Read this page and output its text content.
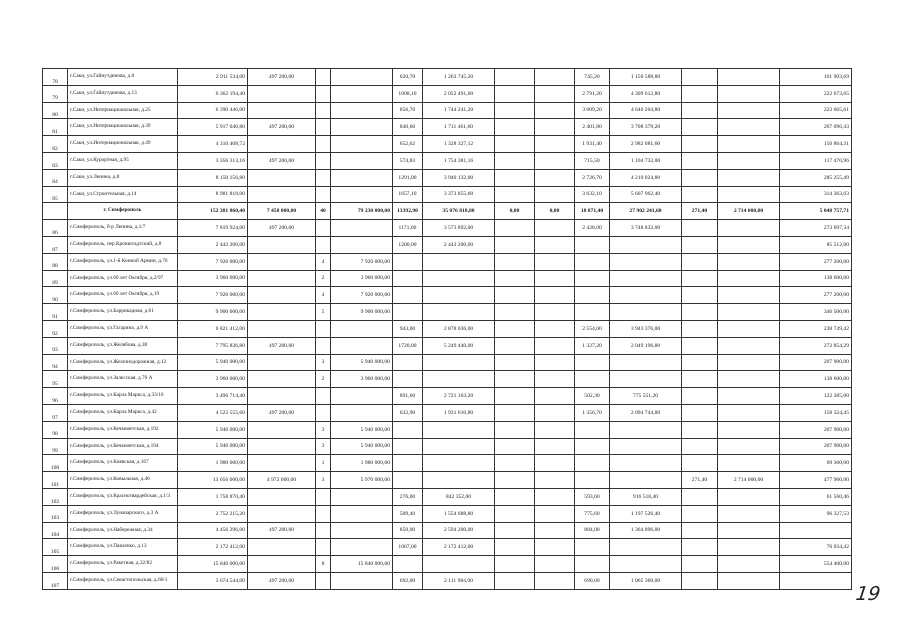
78	г.Саки, ул.Гайнутдинова, д.8	2 911 534,00	497 200,00			620,70	1 263 745,20			745,20	1 150 588,80			101 903,69
79	г.Саки, ул.Гайнутдинова, д.13	6 362 194,40				1008,10	2 052 491,60			2 791,20	4 309 612,80			222 673,65
80	г.Саки, ул.Интернациональная, д.25	6 390 446,00				856,70	1 744 241,20			3 009,20	4 646 204,80			223 665,61
81	г.Саки, ул.Интернациональная, д.39	5 917 040,80	497 200,00			840,60	1 711 461,60			2 401,80	3 708 379,20			207 096,43
82	г.Саки, ул.Интернациональная, д.49	4 310 408,72				652,62	1 328 327,12			1 931,40	2 982 081,60			150 864,31
83	г.Саки, ул.Курортная, д.95	3 356 313,16	497 200,00			574,83	1 754 381,16			715,50	1 104 732,00			117 470,96
84	г.Саки, ул.Ленина, д.8	8 150 156,80				1291,00	3 940 132,00			2 726,70	4 210 024,80			285 255,49
85	г.Саки, ул.Строительная, д.14	8 981 818,00				1657,10	3 373 855,60			3 632,10	5 607 962,40			314 363,63
	г. Симферополь	152 381 860,40	7 458 000,00	40	79 230 000,00	13392,90	35 076 818,80	0,00	0,00	18 071,40	27 902 241,60	271,40	2 714 000,00	5 048 757,71
86	г.Симферополь, б-р Ленина, д.1/7	7 819 924,00	497 200,00			1171,00	3 573 892,00			2 428,00	3 748 832,00			273 697,34
87	г.Симферополь, пер.Кронштадтский, д.8	2 443 200,00				1200,00	2 443 200,00							85 512,00
88	г.Симферополь, ул.1-й Конной Армии, д.76	7 920 000,00		4	7 920 000,00									277 200,00
89	г.Симферополь, ул.60 лет Октября, д.2/97	3 960 000,00		2	3 960 000,00									138 600,00
90	г.Симферополь, ул.60 лет Октября, д.19	7 920 000,00		4	7 920 000,00									277 200,00
91	г.Симферополь, ул.Баррикадная, д.61	9 900 000,00		5	9 900 000,00									346 500,00
92	г.Симферополь, ул.Гагарина, д.9 А	6 821 412,00				943,00	2 878 036,00			2 554,00	3 943 376,00			238 749,42
93	г.Симферополь, ул.Желябова, д.38	7 795 836,80	497 200,00			1720,00	5 249 440,00			1 327,20	2 049 196,80			272 854,29
94	г.Симферополь, ул.Железнодорожная, д.12	5 940 000,00		3	5 940 000,00									207 900,00
95	г.Симферополь, ул.Залесская, д.70 А	3 960 000,00		2	3 960 000,00									138 600,00
96	г.Симферополь, ул.Карла Маркса, д.33/10	3 496 714,40				891,60	2 721 163,20			502,30	775 551,20			122 385,00
97	г.Симферополь, ул.Карла Маркса, д.42	4 523 555,60	497 200,00			632,90	1 931 610,80			1 356,70	2 094 744,80			158 324,45
98	г.Симферополь, ул.Кечкеметская, д.192	5 940 000,00		3	5 940 000,00									207 900,00
99	г.Симферополь, ул.Кечкеметская, д.194	5 940 000,00		3	5 940 000,00									207 900,00
100	г.Симферополь, ул.Киевская, д.167	1 980 000,00		1	1 980 000,00									69 300,00
101	г.Симферополь, ул.Ковыльная, д.46	13 656 000,00	4 972 000,00	3	5 970 000,00							271,40	2 714 000,00	477 960,00
102	г.Симферополь, ул.Красногвардейская, д.1/3	1 758 870,40				276,00	842 352,00			593,60	916 518,40			61 560,46
103	г.Симферополь, ул.Луначарского, д.3 А	2 752 215,20				509,40	1 554 688,80			775,60	1 197 526,40			96 327,53
104	г.Симферополь, ул.Набережная, д.34	4 456 296,00	497 200,00			850,00	2 594 200,00			884,00	1 364 896,00			
105	г.Симферополь, ул.Павленко, д.13	2 172 412,00				1067,00	2 172 412,00							76 034,42
106	г.Симферополь, ул.Ракетная, д.32/82	15 840 000,00		8	15 840 000,00									554 400,00
107	г.Симферополь, ул.Севастопольская, д.66/1	3 674 544,00	497 200,00			692,00	2 111 984,00			690,00	1 065 360,00			
19
